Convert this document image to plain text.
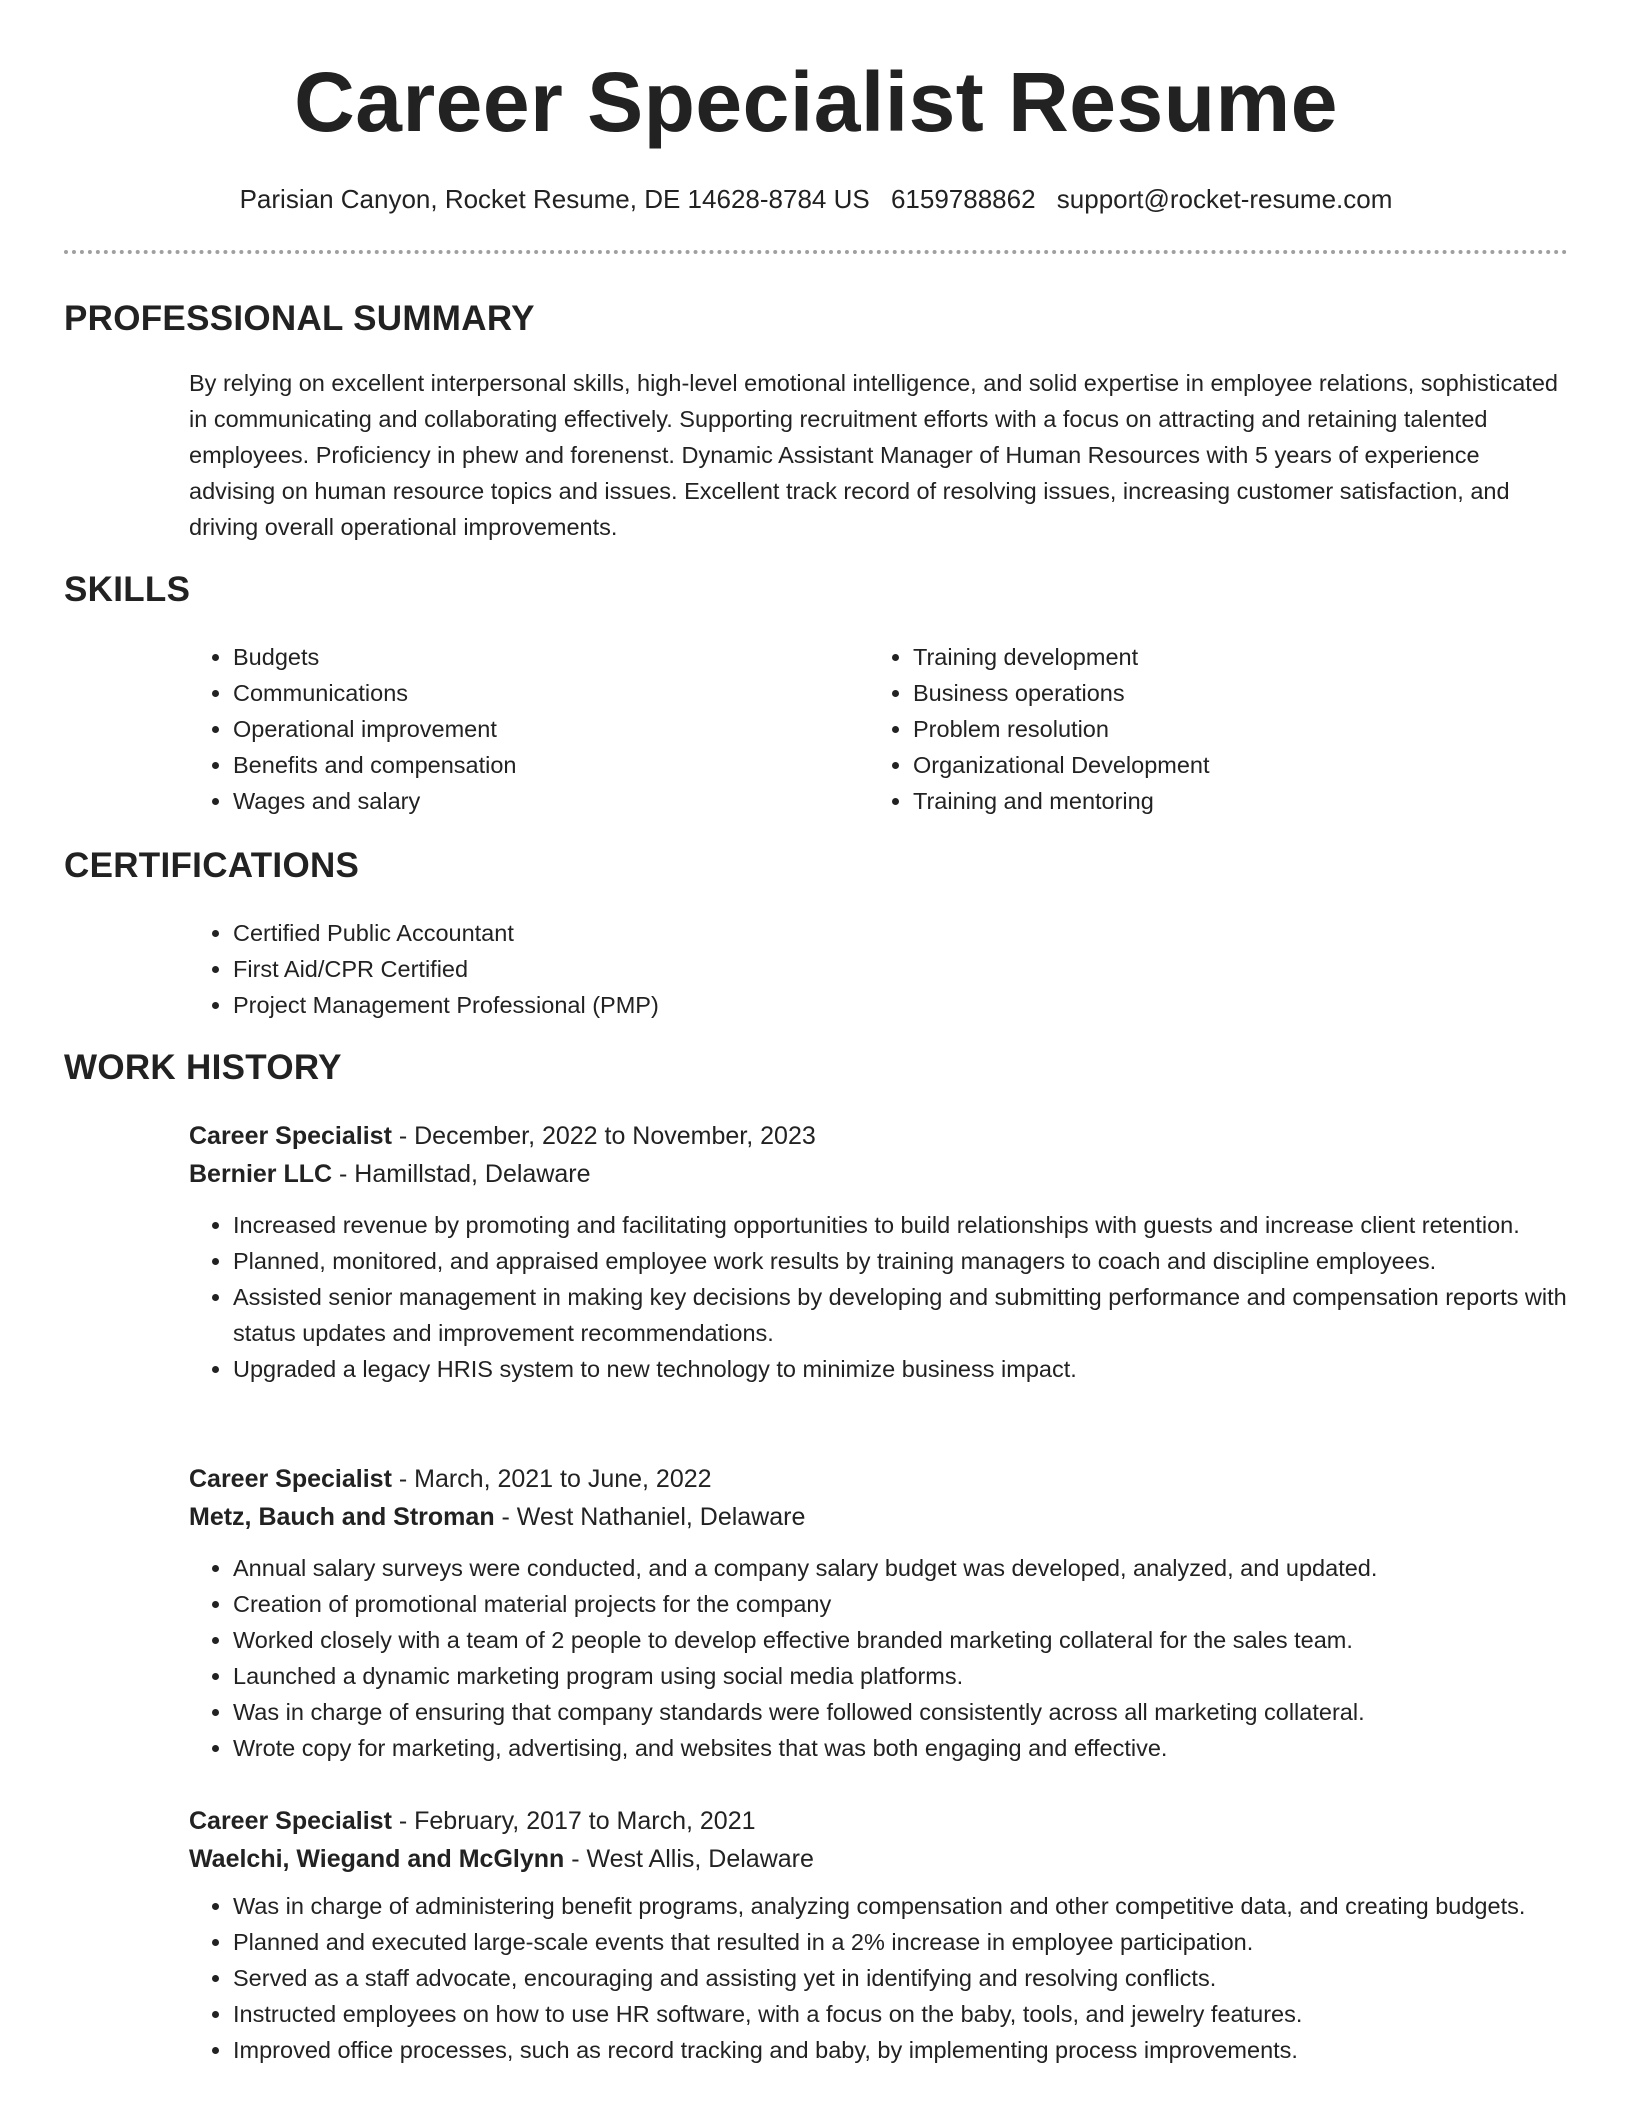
Career Specialist Resume
Parisian Canyon, Rocket Resume, DE 14628-8784 US 6159788862 support@rocket-resume.com
PROFESSIONAL SUMMARY
By relying on excellent interpersonal skills, high-level emotional intelligence, and solid expertise in employee relations, sophisticated in communicating and collaborating effectively. Supporting recruitment efforts with a focus on attracting and retaining talented employees. Proficiency in phew and forenenst. Dynamic Assistant Manager of Human Resources with 5 years of experience advising on human resource topics and issues. Excellent track record of resolving issues, increasing customer satisfaction, and driving overall operational improvements.
SKILLS
• Budgets
• Communications
• Operational improvement
• Benefits and compensation
• Wages and salary
• Training development
• Business operations
• Problem resolution
• Organizational Development
• Training and mentoring
CERTIFICATIONS
• Certified Public Accountant
• First Aid/CPR Certified
• Project Management Professional (PMP)
WORK HISTORY
Career Specialist - December, 2022 to November, 2023
Bernier LLC - Hamillstad, Delaware
• Increased revenue by promoting and facilitating opportunities to build relationships with guests and increase client retention.
• Planned, monitored, and appraised employee work results by training managers to coach and discipline employees.
• Assisted senior management in making key decisions by developing and submitting performance and compensation reports with status updates and improvement recommendations.
• Upgraded a legacy HRIS system to new technology to minimize business impact.
Career Specialist - March, 2021 to June, 2022
Metz, Bauch and Stroman - West Nathaniel, Delaware
• Annual salary surveys were conducted, and a company salary budget was developed, analyzed, and updated.
• Creation of promotional material projects for the company
• Worked closely with a team of 2 people to develop effective branded marketing collateral for the sales team.
• Launched a dynamic marketing program using social media platforms.
• Was in charge of ensuring that company standards were followed consistently across all marketing collateral.
• Wrote copy for marketing, advertising, and websites that was both engaging and effective.
Career Specialist - February, 2017 to March, 2021
Waelchi, Wiegand and McGlynn - West Allis, Delaware
• Was in charge of administering benefit programs, analyzing compensation and other competitive data, and creating budgets.
• Planned and executed large-scale events that resulted in a 2% increase in employee participation.
• Served as a staff advocate, encouraging and assisting yet in identifying and resolving conflicts.
• Instructed employees on how to use HR software, with a focus on the baby, tools, and jewelry features.
• Improved office processes, such as record tracking and baby, by implementing process improvements.
